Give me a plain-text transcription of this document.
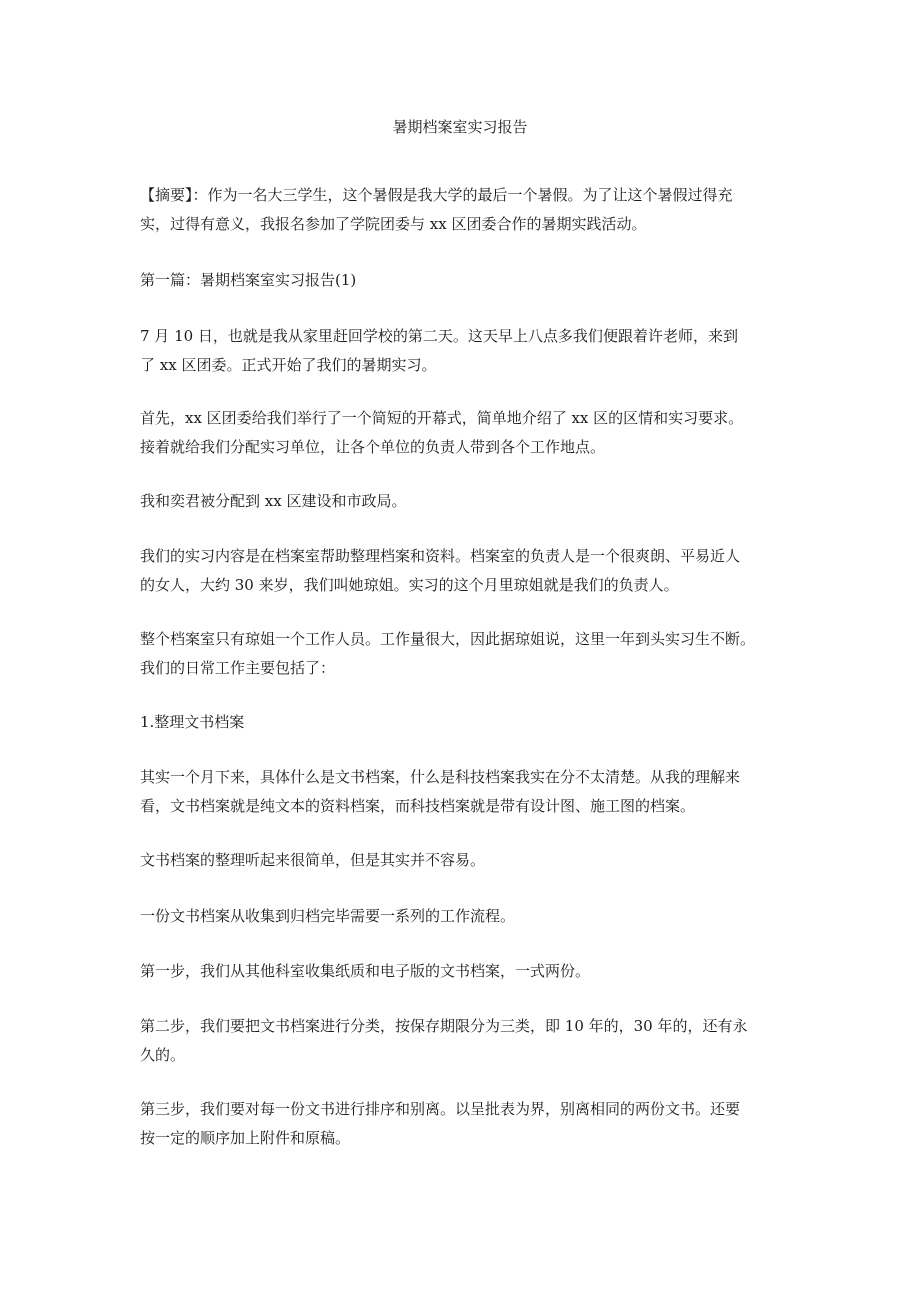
暑期档案室实习报告

【摘要】：作为一名大三学生，这个暑假是我大学的最后一个暑假。为了让这个暑假过得充
实，过得有意义，我报名参加了学院团委与 xx 区团委合作的暑期实践活动。

第一篇：暑期档案室实习报告(1)

7 月 10 日，也就是我从家里赶回学校的第二天。这天早上八点多我们便跟着许老师，来到
了 xx 区团委。正式开始了我们的暑期实习。

首先，xx 区团委给我们举行了一个简短的开幕式，简单地介绍了 xx 区的区情和实习要求。
接着就给我们分配实习单位，让各个单位的负责人带到各个工作地点。

我和奕君被分配到 xx 区建设和市政局。

我们的实习内容是在档案室帮助整理档案和资料。档案室的负责人是一个很爽朗、平易近人
的女人，大约 30 来岁，我们叫她琼姐。实习的这个月里琼姐就是我们的负责人。

整个档案室只有琼姐一个工作人员。工作量很大，因此据琼姐说，这里一年到头实习生不断。
我们的日常工作主要包括了：

1.整理文书档案

其实一个月下来，具体什么是文书档案，什么是科技档案我实在分不太清楚。从我的理解来
看，文书档案就是纯文本的资料档案，而科技档案就是带有设计图、施工图的档案。

文书档案的整理听起来很简单，但是其实并不容易。

一份文书档案从收集到归档完毕需要一系列的工作流程。

第一步，我们从其他科室收集纸质和电子版的文书档案，一式两份。

第二步，我们要把文书档案进行分类，按保存期限分为三类，即 10 年的，30 年的，还有永
久的。

第三步，我们要对每一份文书进行排序和别离。以呈批表为界，别离相同的两份文书。还要
按一定的顺序加上附件和原稿。
